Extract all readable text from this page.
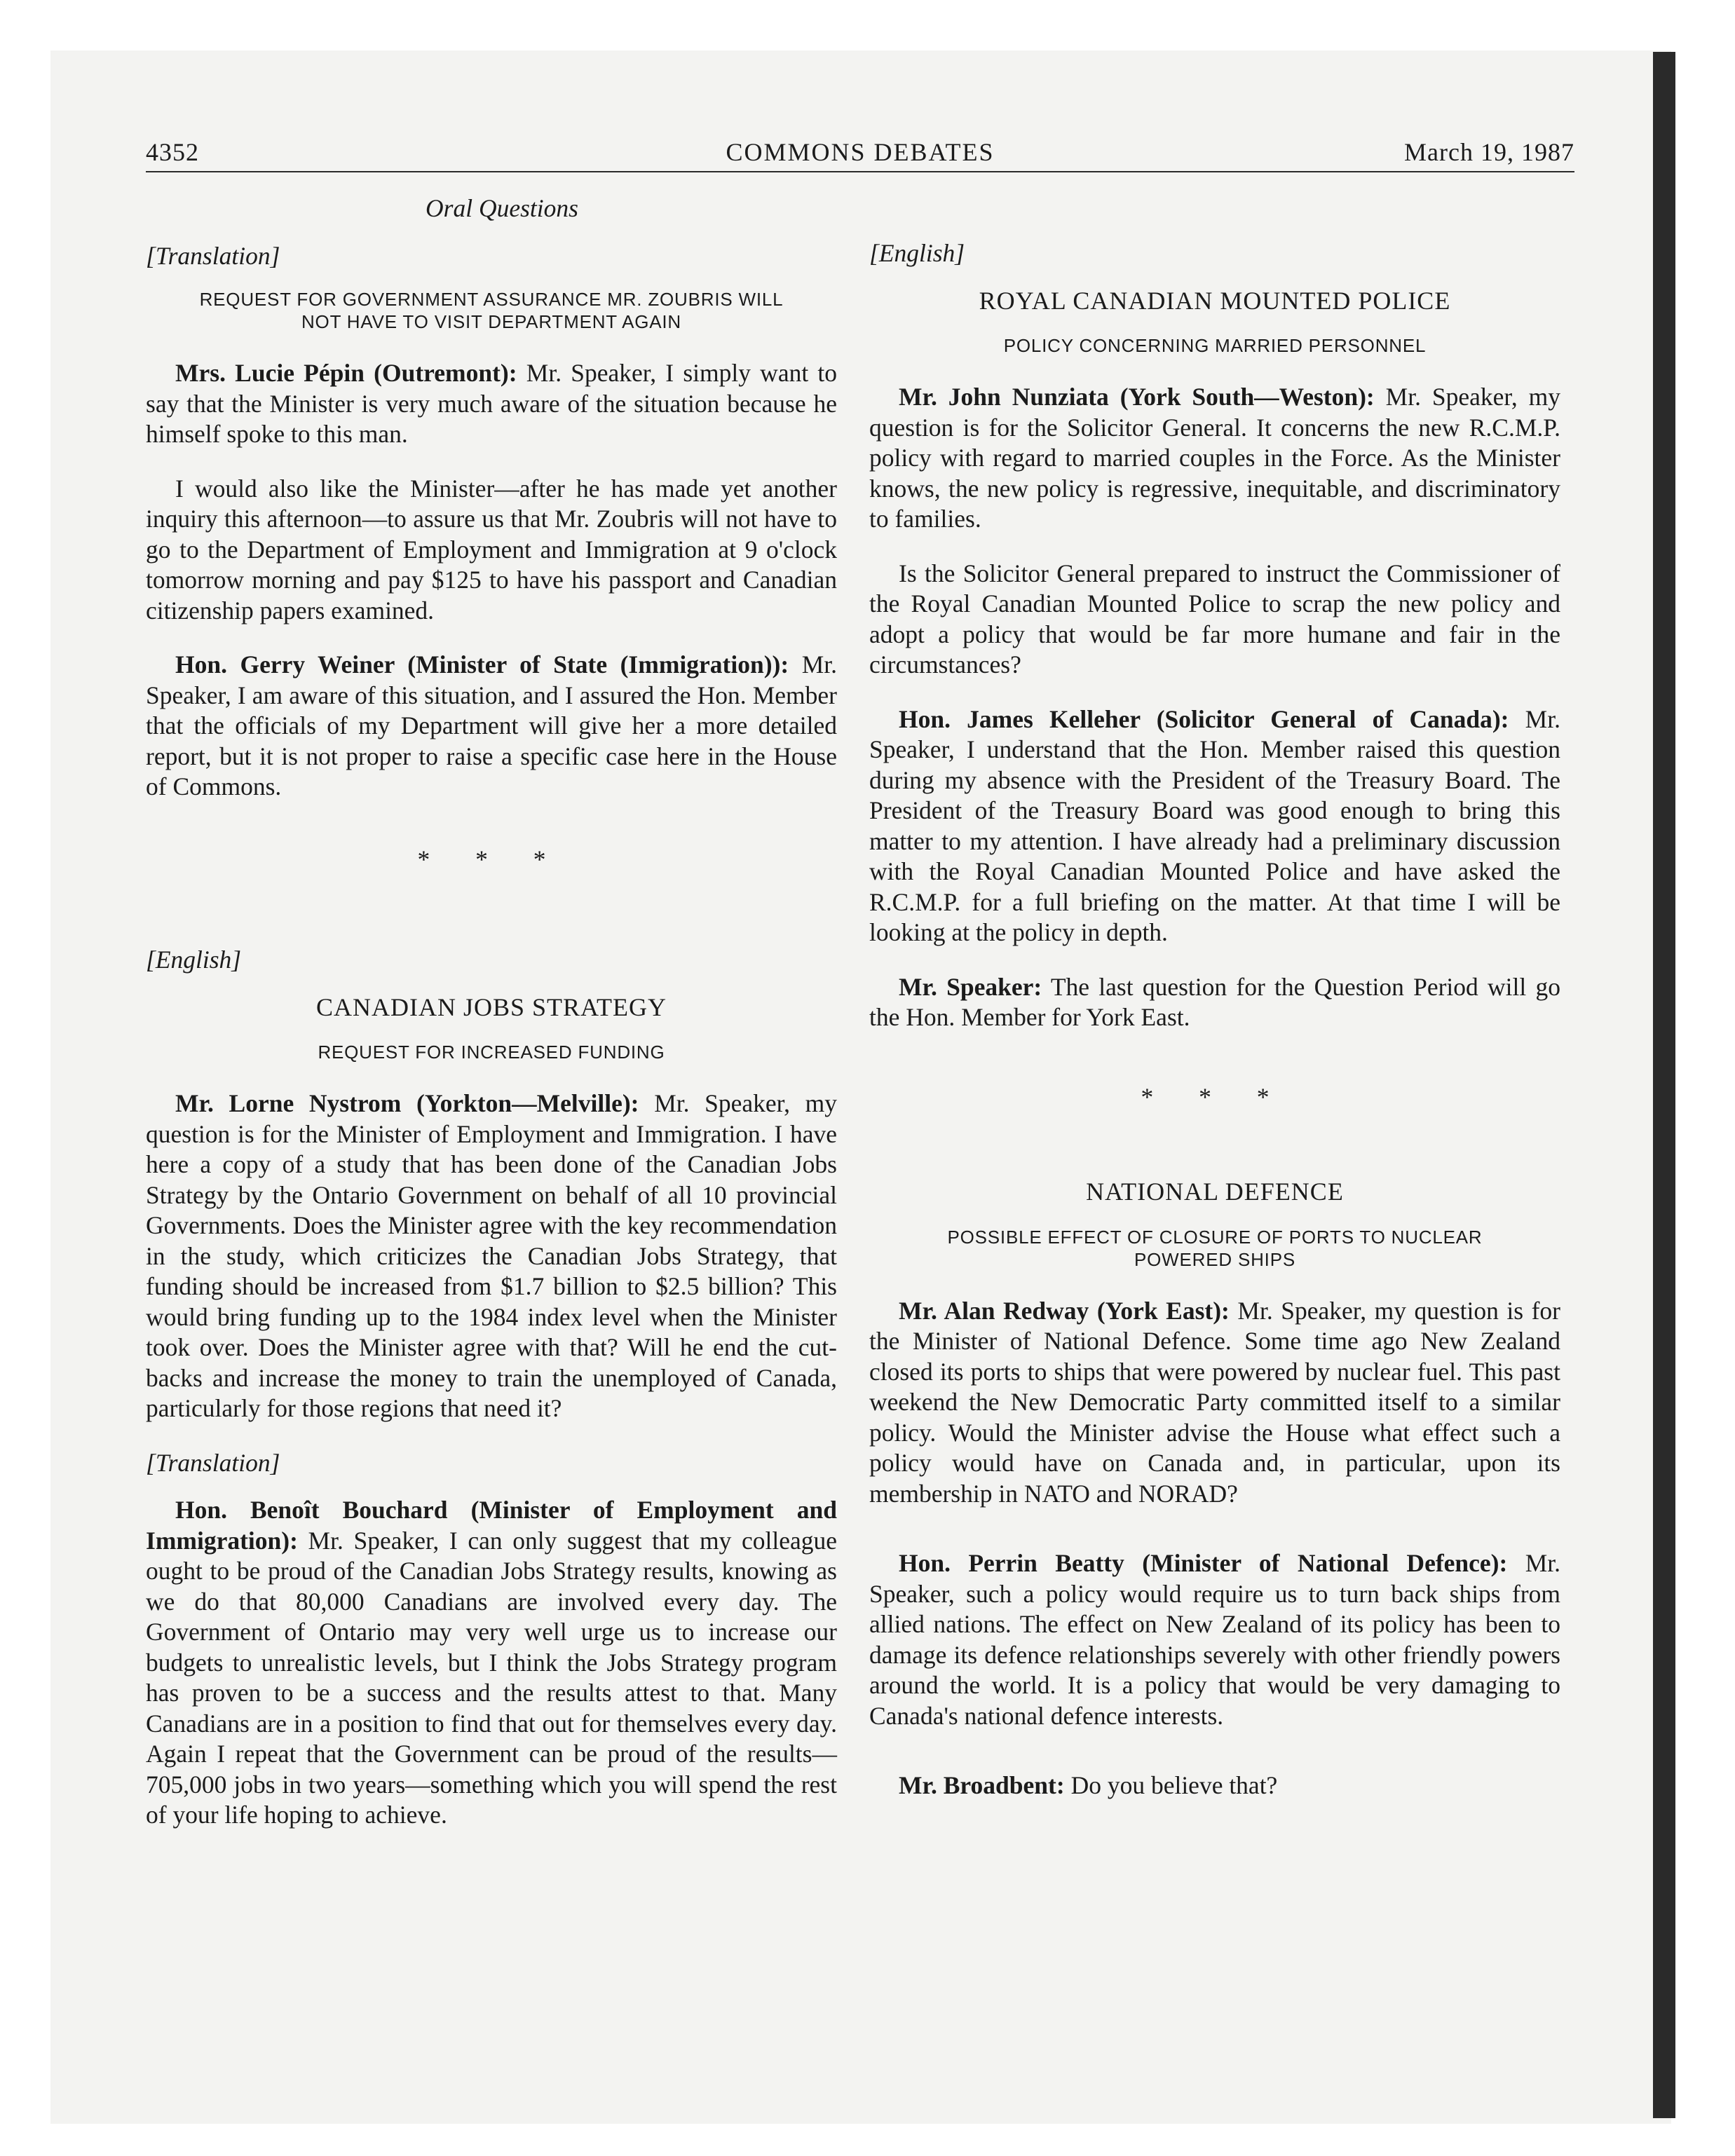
4352	COMMONS DEBATES	March 19, 1987
Oral Questions
[Translation]
REQUEST FOR GOVERNMENT ASSURANCE MR. ZOUBRIS WILL
NOT HAVE TO VISIT DEPARTMENT AGAIN

Mrs. Lucie Pépin (Outremont): Mr. Speaker, I simply want to say that the Minister is very much aware of the situation because he himself spoke to this man.

I would also like the Minister—after he has made yet another inquiry this afternoon—to assure us that Mr. Zoubris will not have to go to the Department of Employment and Immigration at 9 o'clock tomorrow morning and pay $125 to have his passport and Canadian citizenship papers examined.

Hon. Gerry Weiner (Minister of State (Immigration)): Mr. Speaker, I am aware of this situation, and I assured the Hon. Member that the officials of my Department will give her a more detailed report, but it is not proper to raise a specific case here in the House of Commons.

* * *
[English]
CANADIAN JOBS STRATEGY
REQUEST FOR INCREASED FUNDING

Mr. Lorne Nystrom (Yorkton—Melville): Mr. Speaker, my question is for the Minister of Employment and Immigration. I have here a copy of a study that has been done of the Canadian Jobs Strategy by the Ontario Government on behalf of all 10 provincial Governments. Does the Minister agree with the key recommendation in the study, which criticizes the Canadian Jobs Strategy, that funding should be increased from $1.7 billion to $2.5 billion? This would bring funding up to the 1984 index level when the Minister took over. Does the Minister agree with that? Will he end the cut-backs and increase the money to train the unemployed of Canada, particularly for those regions that need it?

[Translation]

Hon. Benoît Bouchard (Minister of Employment and Immigration): Mr. Speaker, I can only suggest that my colleague ought to be proud of the Canadian Jobs Strategy results, knowing as we do that 80,000 Canadians are involved every day. The Government of Ontario may very well urge us to increase our budgets to unrealistic levels, but I think the Jobs Strategy program has proven to be a success and the results attest to that. Many Canadians are in a position to find that out for themselves every day. Again I repeat that the Government can be proud of the results—705,000 jobs in two years—something which you will spend the rest of your life hoping to achieve.

[English]
ROYAL CANADIAN MOUNTED POLICE
POLICY CONCERNING MARRIED PERSONNEL

Mr. John Nunziata (York South—Weston): Mr. Speaker, my question is for the Solicitor General. It concerns the new R.C.M.P. policy with regard to married couples in the Force. As the Minister knows, the new policy is regressive, inequitable, and discriminatory to families.

Is the Solicitor General prepared to instruct the Commissioner of the Royal Canadian Mounted Police to scrap the new policy and adopt a policy that would be far more humane and fair in the circumstances?

Hon. James Kelleher (Solicitor General of Canada): Mr. Speaker, I understand that the Hon. Member raised this question during my absence with the President of the Treasury Board. The President of the Treasury Board was good enough to bring this matter to my attention. I have already had a preliminary discussion with the Royal Canadian Mounted Police and have asked the R.C.M.P. for a full briefing on the matter. At that time I will be looking at the policy in depth.

Mr. Speaker: The last question for the Question Period will go the Hon. Member for York East.

* * *
NATIONAL DEFENCE
POSSIBLE EFFECT OF CLOSURE OF PORTS TO NUCLEAR
POWERED SHIPS

Mr. Alan Redway (York East): Mr. Speaker, my question is for the Minister of National Defence. Some time ago New Zealand closed its ports to ships that were powered by nuclear fuel. This past weekend the New Democratic Party committed itself to a similar policy. Would the Minister advise the House what effect such a policy would have on Canada and, in particular, upon its membership in NATO and NORAD?

Hon. Perrin Beatty (Minister of National Defence): Mr. Speaker, such a policy would require us to turn back ships from allied nations. The effect on New Zealand of its policy has been to damage its defence relationships severely with other friendly powers around the world. It is a policy that would be very damaging to Canada's national defence interests.

Mr. Broadbent: Do you believe that?
